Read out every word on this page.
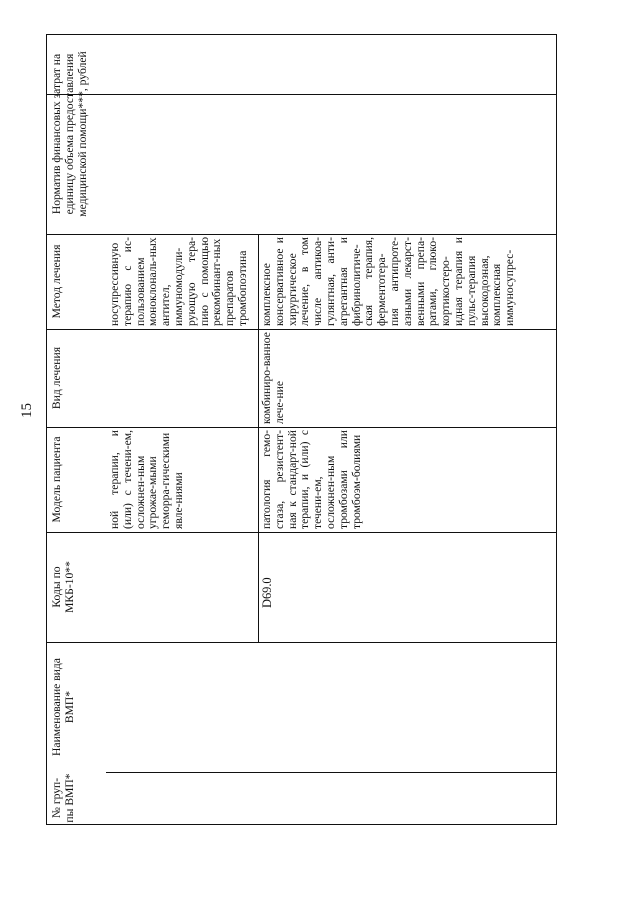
15
Норматив финансовых затрат на единицу объема предоставления медицинской помощи***, рублей
Метод лечения
Вид лечения
Модель пациента
Коды по МКБ-10**
Наименование вида ВМП*
№ груп-пы ВМП*
носупрессивную терапию с ис-пользованием моноклональ-ных антител, иммуномодули-рующую тера-пию с помощью рекомбинант-ных препаратов тромбопоэтина
ной терапии, и (или) с течени-ем, осложнен-ным угрожае-мыми геморра-гическими явле-ниями
комплексное консервативное и хирургическое лечение, в том числе антикоа-гулянтная, анти-агрегантная и фибринолитиче-ская терапия, ферментотера-пия антипроте-азными лекарст-венными препа-ратами, глюко-кортикостеро-идная терапия и пульс-терапия высокодозная, комплексная иммуносупрес-
комбиниро-ванное лече-ние
патология гемо-стаза, резистент-ная к стандарт-ной терапии, и (или) с течени-ем, осложнен-ным тромбозами или тромбоэм-болиями
D69.0
